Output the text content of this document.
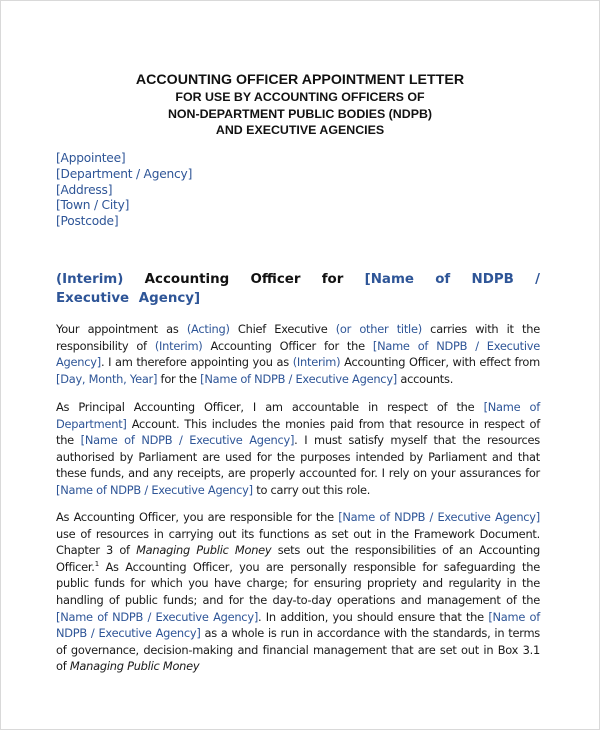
ACCOUNTING OFFICER APPOINTMENT LETTER
FOR USE BY ACCOUNTING OFFICERS OF
NON-DEPARTMENT PUBLIC BODIES (NDPB)
AND EXECUTIVE AGENCIES
[Appointee]
[Department / Agency]
[Address]
[Town / City]
[Postcode]
(Interim) Accounting Officer for [Name of NDPB / Executive Agency]
Your appointment as (Acting) Chief Executive (or other title) carries with it the responsibility of (Interim) Accounting Officer for the [Name of NDPB / Executive Agency]. I am therefore appointing you as (Interim) Accounting Officer, with effect from [Day, Month, Year] for the [Name of NDPB / Executive Agency] accounts.
As Principal Accounting Officer, I am accountable in respect of the [Name of Department] Account. This includes the monies paid from that resource in respect of the [Name of NDPB / Executive Agency]. I must satisfy myself that the resources authorised by Parliament are used for the purposes intended by Parliament and that these funds, and any receipts, are properly accounted for. I rely on your assurances for [Name of NDPB / Executive Agency] to carry out this role.
As Accounting Officer, you are responsible for the [Name of NDPB / Executive Agency] use of resources in carrying out its functions as set out in the Framework Document. Chapter 3 of Managing Public Money sets out the responsibilities of an Accounting Officer.$^1$ As Accounting Officer, you are personally responsible for safeguarding the public funds for which you have charge; for ensuring propriety and regularity in the handling of public funds; and for the day-to-day operations and management of the [Name of NDPB / Executive Agency]. In addition, you should ensure that the [Name of NDPB / Executive Agency] as a whole is run in accordance with the standards, in terms of governance, decision-making and financial management that are set out in Box 3.1 of Managing Public Money
